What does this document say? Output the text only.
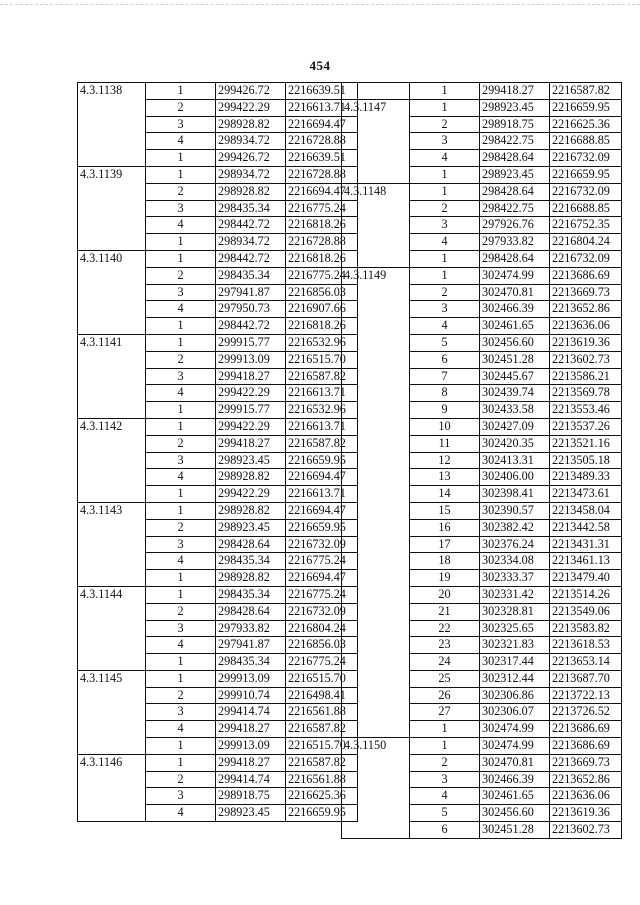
454
4.3.1138	1	299426.72	2216639.51
	2	299422.29	2216613.71
	3	298928.82	2216694.47
	4	298934.72	2216728.88
	1	299426.72	2216639.51
4.3.1139	1	298934.72	2216728.88
	2	298928.82	2216694.47
	3	298435.34	2216775.24
	4	298442.72	2216818.26
	1	298934.72	2216728.88
4.3.1140	1	298442.72	2216818.26
	2	298435.34	2216775.24
	3	297941.87	2216856.03
	4	297950.73	2216907.66
	1	298442.72	2216818.26
4.3.1141	1	299915.77	2216532.96
	2	299913.09	2216515.70
	3	299418.27	2216587.82
	4	299422.29	2216613.71
	1	299915.77	2216532.96
4.3.1142	1	299422.29	2216613.71
	2	299418.27	2216587.82
	3	298923.45	2216659.95
	4	298928.82	2216694.47
	1	299422.29	2216613.71
4.3.1143	1	298928.82	2216694.47
	2	298923.45	2216659.95
	3	298428.64	2216732.09
	4	298435.34	2216775.24
	1	298928.82	2216694.47
4.3.1144	1	298435.34	2216775.24
	2	298428.64	2216732.09
	3	297933.82	2216804.24
	4	297941.87	2216856.03
	1	298435.34	2216775.24
4.3.1145	1	299913.09	2216515.70
	2	299910.74	2216498.41
	3	299414.74	2216561.88
	4	299418.27	2216587.82
	1	299913.09	2216515.70
4.3.1146	1	299418.27	2216587.82
	2	299414.74	2216561.88
	3	298918.75	2216625.36
	4	298923.45	2216659.95
	1	299418.27	2216587.82
4.3.1147	1	298923.45	2216659.95
	2	298918.75	2216625.36
	3	298422.75	2216688.85
	4	298428.64	2216732.09
	1	298923.45	2216659.95
4.3.1148	1	298428.64	2216732.09
	2	298422.75	2216688.85
	3	297926.76	2216752.35
	4	297933.82	2216804.24
	1	298428.64	2216732.09
4.3.1149	1	302474.99	2213686.69
	2	302470.81	2213669.73
	3	302466.39	2213652.86
	4	302461.65	2213636.06
	5	302456.60	2213619.36
	6	302451.28	2213602.73
	7	302445.67	2213586.21
	8	302439.74	2213569.78
	9	302433.58	2213553.46
	10	302427.09	2213537.26
	11	302420.35	2213521.16
	12	302413.31	2213505.18
	13	302406.00	2213489.33
	14	302398.41	2213473.61
	15	302390.57	2213458.04
	16	302382.42	2213442.58
	17	302376.24	2213431.31
	18	302334.08	2213461.13
	19	302333.37	2213479.40
	20	302331.42	2213514.26
	21	302328.81	2213549.06
	22	302325.65	2213583.82
	23	302321.83	2213618.53
	24	302317.44	2213653.14
	25	302312.44	2213687.70
	26	302306.86	2213722.13
	27	302306.07	2213726.52
	1	302474.99	2213686.69
4.3.1150	1	302474.99	2213686.69
	2	302470.81	2213669.73
	3	302466.39	2213652.86
	4	302461.65	2213636.06
	5	302456.60	2213619.36
	6	302451.28	2213602.73
